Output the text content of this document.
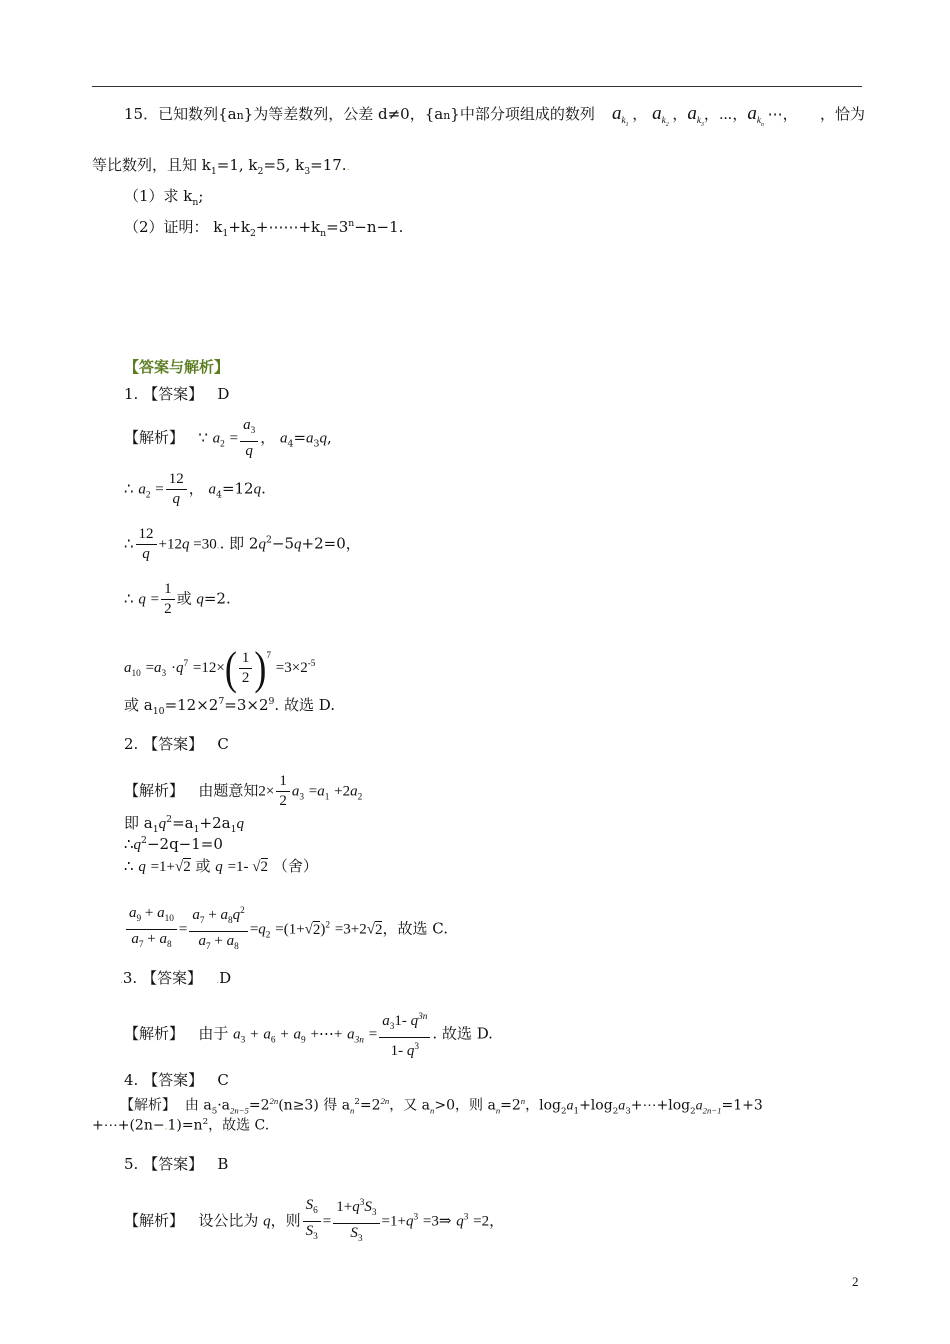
15．已知数列{an}为等差数列，公差 d≠0，{an}中部分项组成的数列 $a_{k_1}$ ， $a_{k_2}$ ，$a_{k_3}$，⋯，$a_{k_n}$ ⋯， ，恰为
等比数列，且知 $k_1=1$, $k_2=5$, $k_3=17$..
（1）求 $k_n$;
（2）证明： $k_1+k_2+\cdots\cdots+k_n=3^n-n-1$.
【答案与解析】
1. 【答案】 D
【解析】 ∵ $a_2 = \frac{a_3}{q}$ ， $a_4=a_3q$,
∴ $a_2 = \frac{12}{q}$ ， $a_4=12q$.
∴ $\frac{12}{q} +12q =30$.. 即 $2q^2-5q+2=0$，
∴ $q = \frac{1}{2}$ 或 q=2.
$a_{10} =a_3 \cdot q^7 =12\times( \frac{1}{2} )^7 =3\times 2^{-5}$
或 $a_{10}=12\times 2^7=3\times 2^9$. 故选 D.
2. 【答案】 C
【解析】 由题意知$2\times \frac{1}{2} a_3 =a_1 +2a_2$
即 $a_1q^2=a_1+2a_1q$
$\therefore q^2-2q-1=0$
∴ q =1+√2 或 q =1- √2 （舍）
$\frac{a_9 + a_{10}}{a_7 + a_8} = \frac{a_7 + a_8q^2}{a_7 + a_8} =q_2 =(1+√2)^2 =3+2√2$，故选 C.
.3. 【答案】 .D
【解析】 由于 $a_3 + a_6 + a_9$ +⋯+ $a_{3n} = \frac{a_31- q^{3n}}{1- q^3}$ . 故选 D.
4. 【答案】 C
【解析】 由 $a_5\cdot a_{2n-5}=2^{2n}(n\ge 3)$ 得 $a_n^2=2^{2n}$，又 $a_n>0$，则 $a_n=2^n$，$\log_2a_1+\log_2a_3+\cdots+\log_2a_{2n-1}=1+3$
$+\cdots+(2n-.1)=n^2$，故选 C.
5. 【答案】 B
【解析】 设公比为 q，则 $\frac{S_6}{S_3} = \frac{1+q^3S_3}{S_3} =1+q^3$ =3⇒ $q^3 =2$，
2
